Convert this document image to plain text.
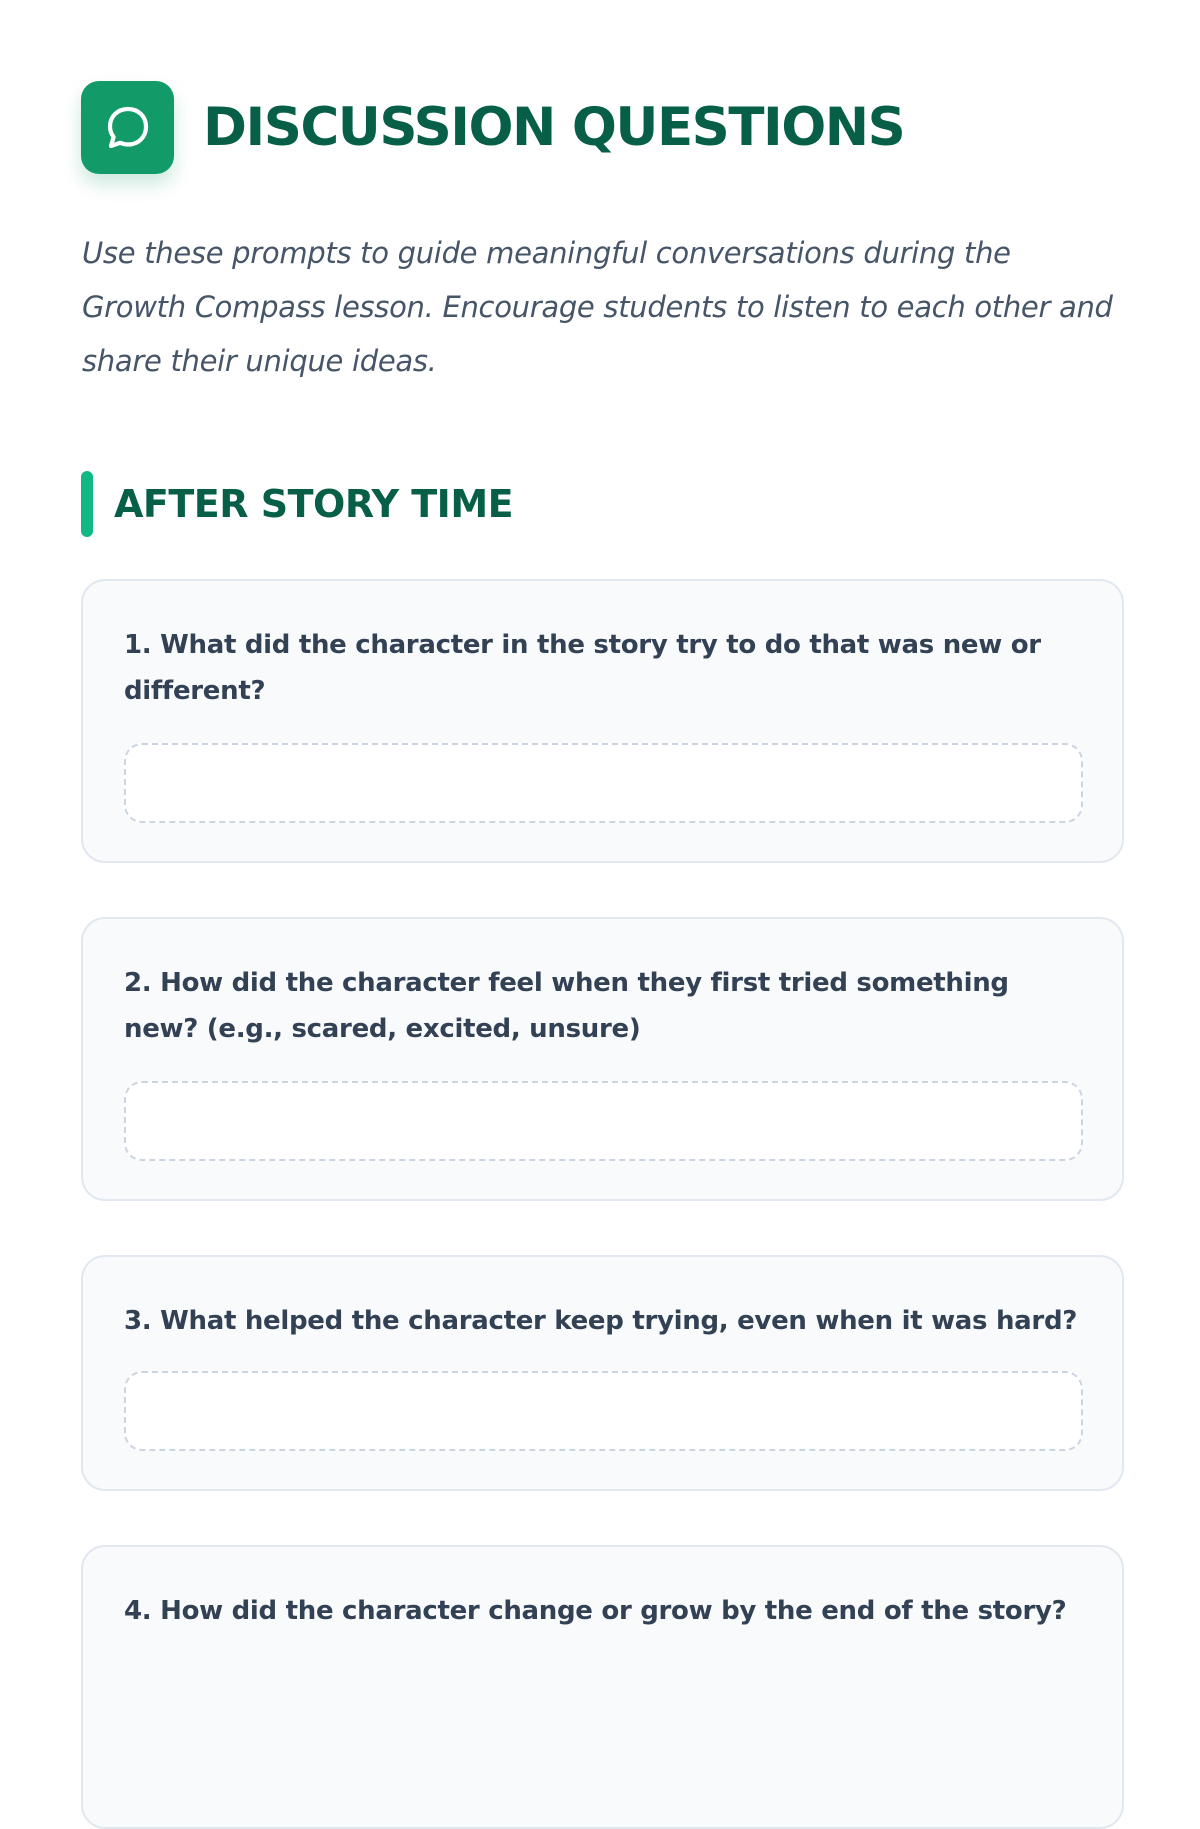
DISCUSSION QUESTIONS

Use these prompts to guide meaningful conversations during the Growth Compass lesson. Encourage students to listen to each other and share their unique ideas.

AFTER STORY TIME

1. What did the character in the story try to do that was new or different?

2. How did the character feel when they first tried something new? (e.g., scared, excited, unsure)

3. What helped the character keep trying, even when it was hard?

4. How did the character change or grow by the end of the story?
